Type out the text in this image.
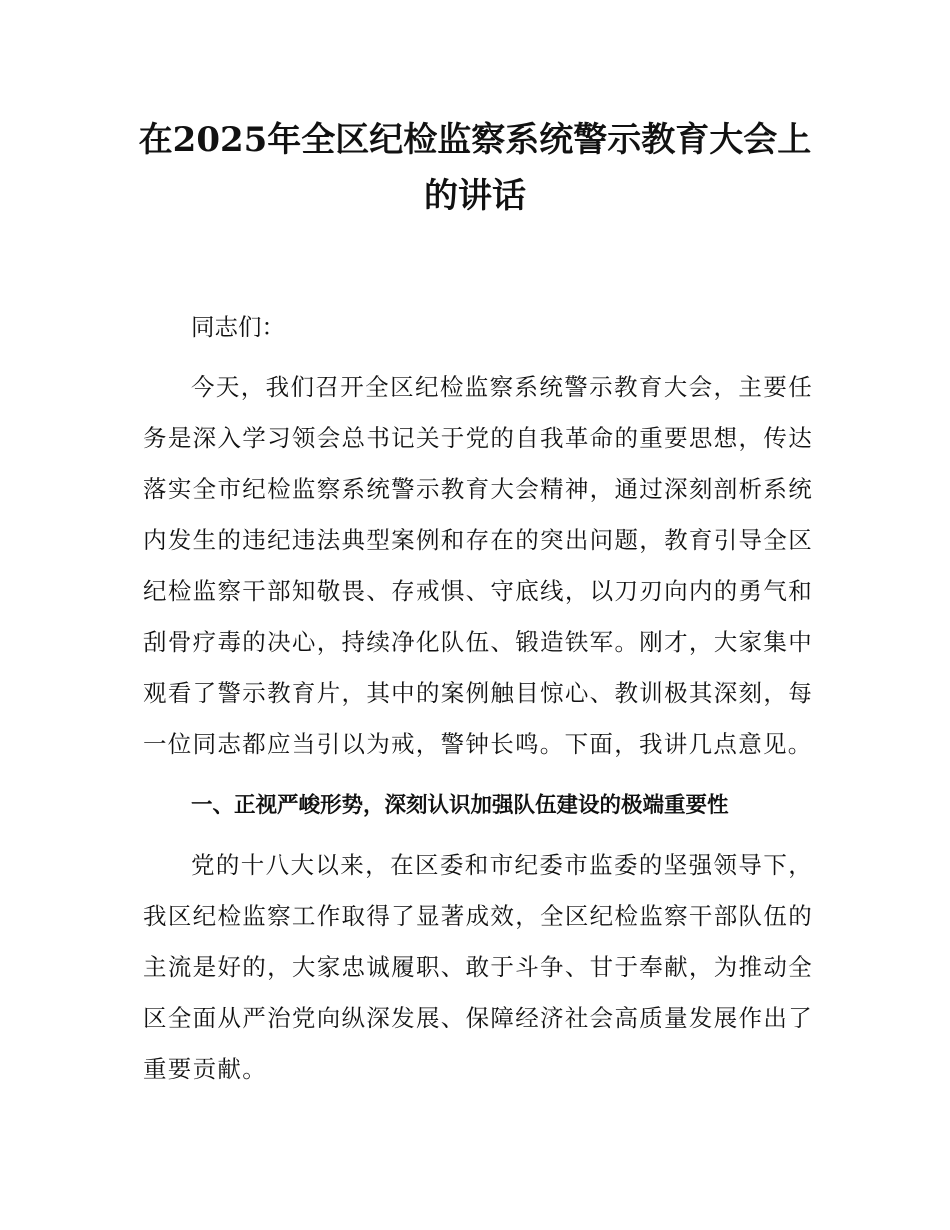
在2025年全区纪检监察系统警示教育大会上的讲话

同志们：

今天，我们召开全区纪检监察系统警示教育大会，主要任务是深入学习领会总书记关于党的自我革命的重要思想，传达落实全市纪检监察系统警示教育大会精神，通过深刻剖析系统内发生的违纪违法典型案例和存在的突出问题，教育引导全区纪检监察干部知敬畏、存戒惧、守底线，以刀刃向内的勇气和刮骨疗毒的决心，持续净化队伍、锻造铁军。刚才，大家集中观看了警示教育片，其中的案例触目惊心、教训极其深刻，每一位同志都应当引以为戒，警钟长鸣。下面，我讲几点意见。

一、正视严峻形势，深刻认识加强队伍建设的极端重要性

党的十八大以来，在区委和市纪委市监委的坚强领导下，我区纪检监察工作取得了显著成效，全区纪检监察干部队伍的主流是好的，大家忠诚履职、敢于斗争、甘于奉献，为推动全区全面从严治党向纵深发展、保障经济社会高质量发展作出了重要贡献。
